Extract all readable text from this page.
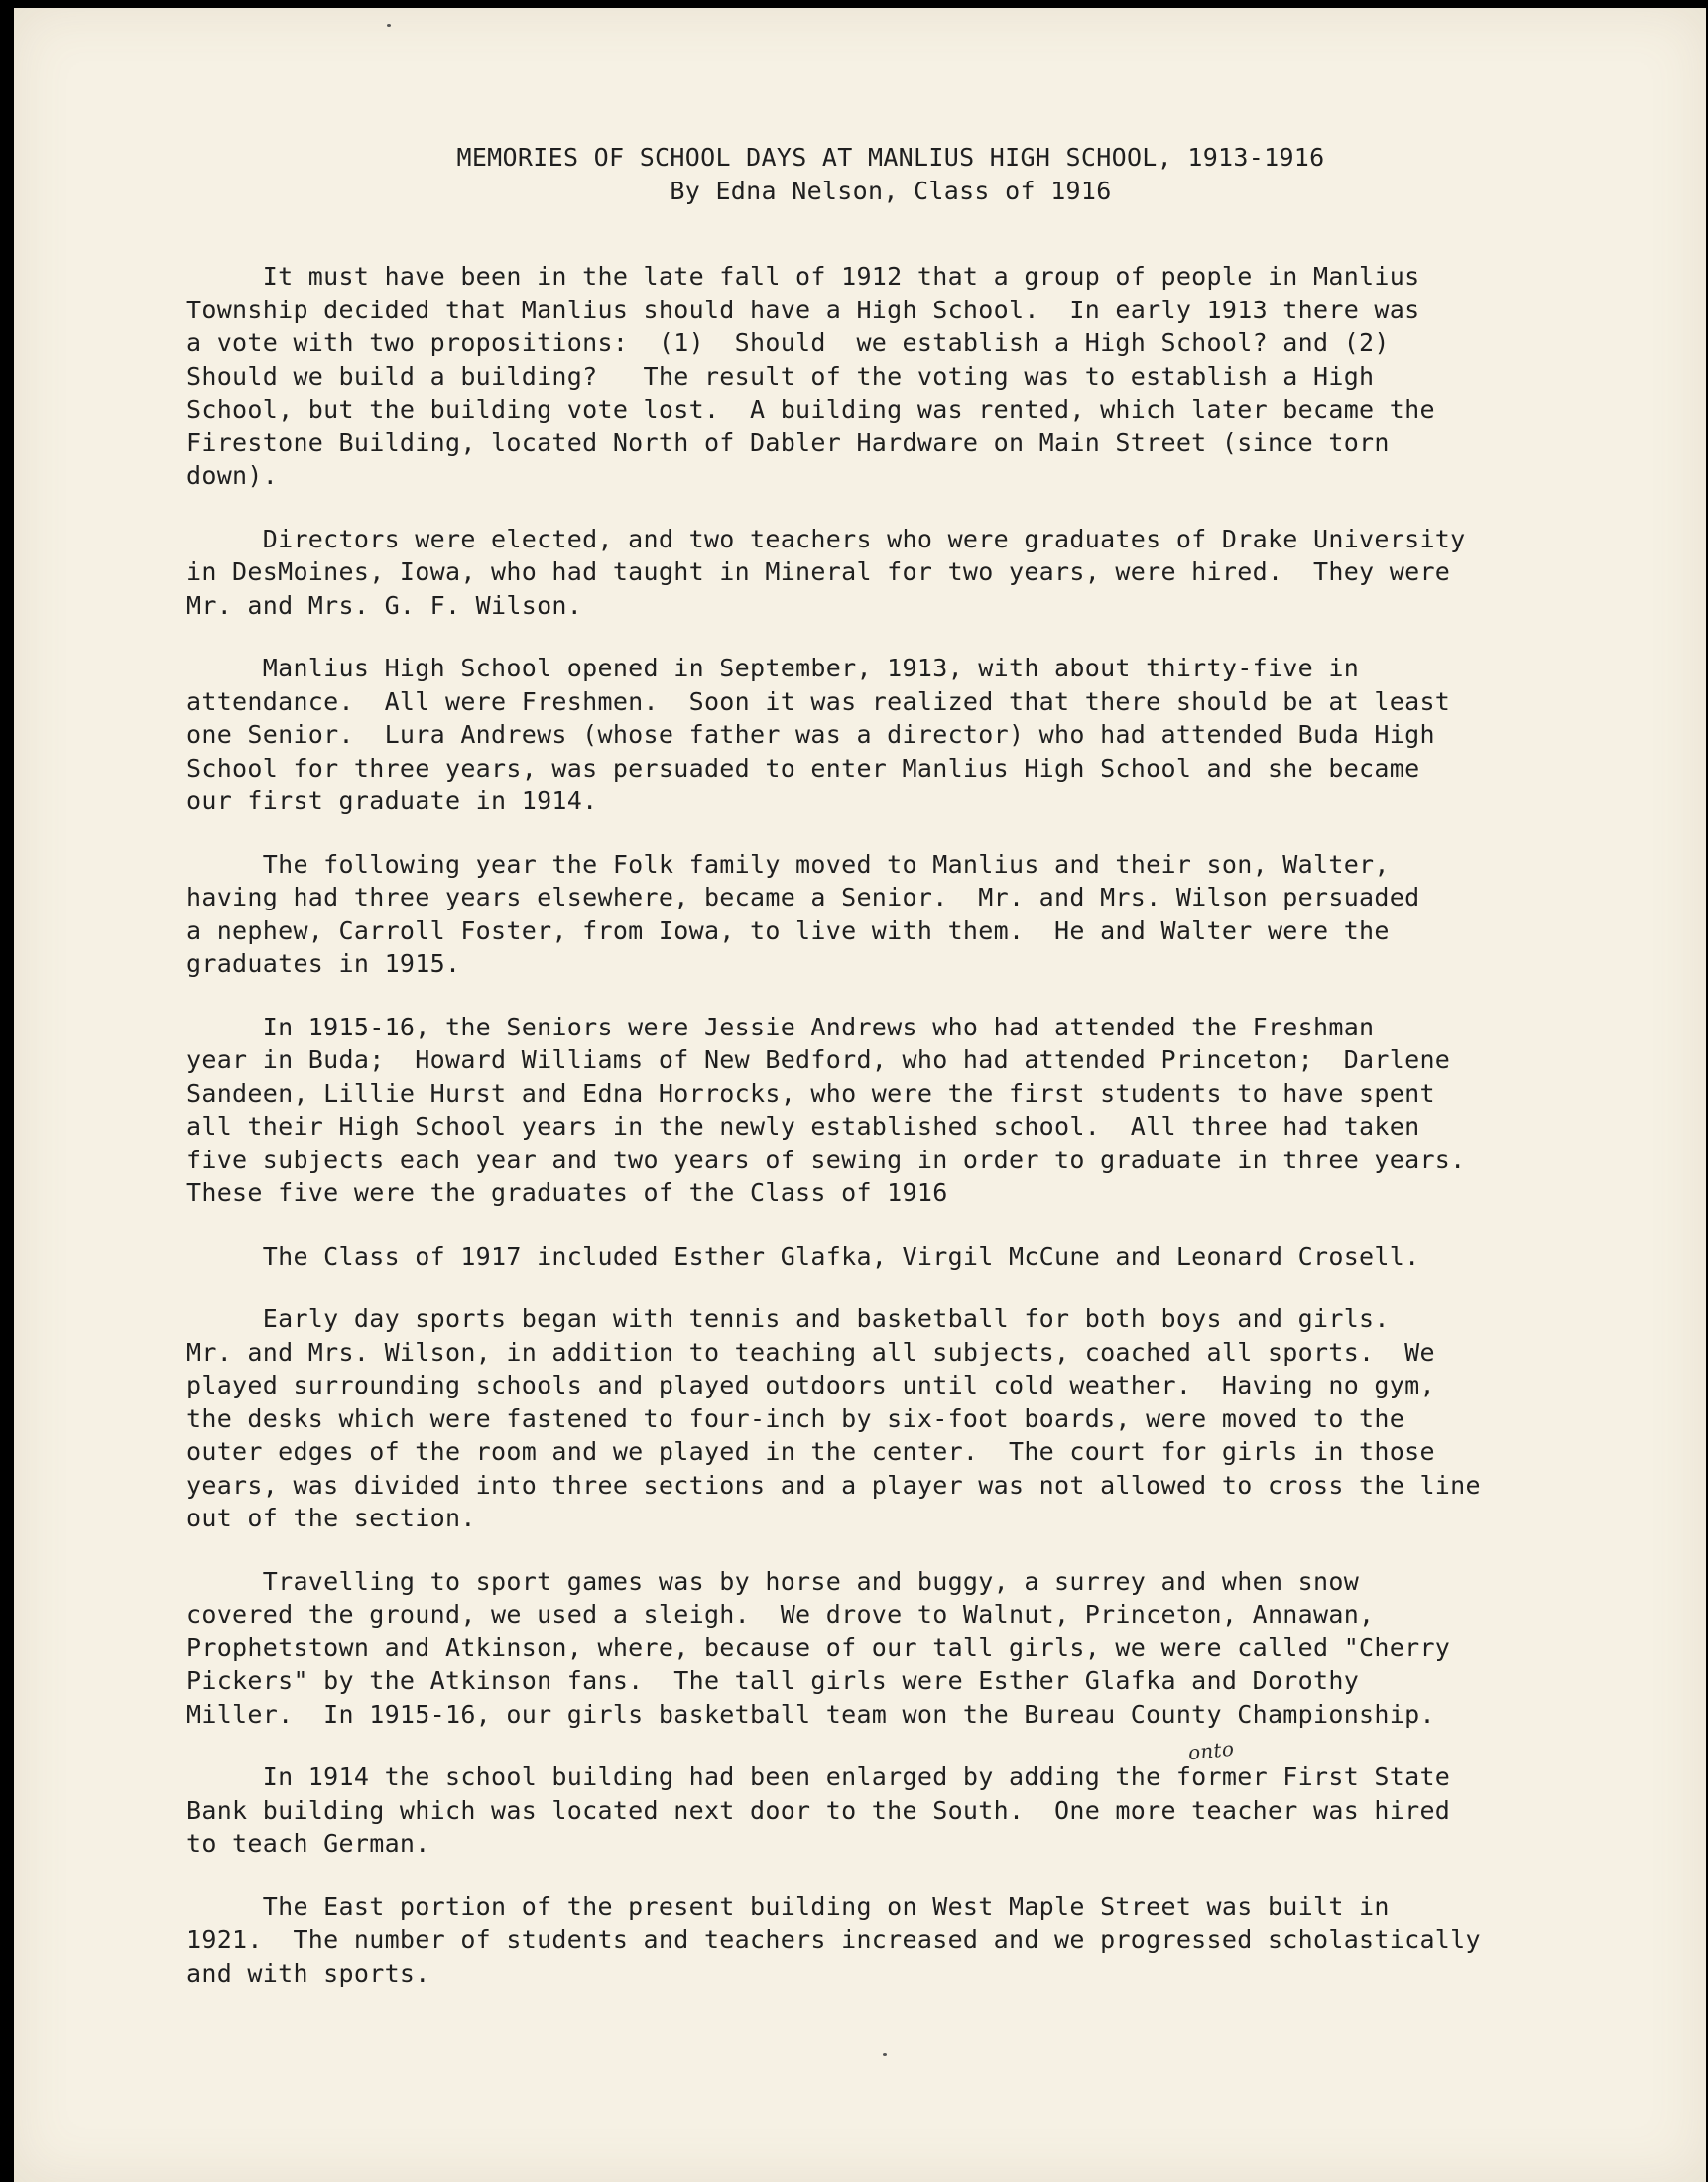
MEMORIES OF SCHOOL DAYS AT MANLIUS HIGH SCHOOL, 1913-1916
By Edna Nelson, Class of 1916
It must have been in the late fall of 1912 that a group of people in Manlius
Township decided that Manlius should have a High School.  In early 1913 there was
a vote with two propositions:  (1)  Should  we establish a High School? and (2)
Should we build a building?   The result of the voting was to establish a High
School, but the building vote lost.  A building was rented, which later became the
Firestone Building, located North of Dabler Hardware on Main Street (since torn
down).
Directors were elected, and two teachers who were graduates of Drake University
in DesMoines, Iowa, who had taught in Mineral for two years, were hired.  They were
Mr. and Mrs. G. F. Wilson.
Manlius High School opened in September, 1913, with about thirty-five in
attendance.  All were Freshmen.  Soon it was realized that there should be at least
one Senior.  Lura Andrews (whose father was a director) who had attended Buda High
School for three years, was persuaded to enter Manlius High School and she became
our first graduate in 1914.
The following year the Folk family moved to Manlius and their son, Walter,
having had three years elsewhere, became a Senior.  Mr. and Mrs. Wilson persuaded
a nephew, Carroll Foster, from Iowa, to live with them.  He and Walter were the
graduates in 1915.
In 1915-16, the Seniors were Jessie Andrews who had attended the Freshman
year in Buda;  Howard Williams of New Bedford, who had attended Princeton;  Darlene
Sandeen, Lillie Hurst and Edna Horrocks, who were the first students to have spent
all their High School years in the newly established school.  All three had taken
five subjects each year and two years of sewing in order to graduate in three years.
These five were the graduates of the Class of 1916
The Class of 1917 included Esther Glafka, Virgil McCune and Leonard Crosell.
Early day sports began with tennis and basketball for both boys and girls.
Mr. and Mrs. Wilson, in addition to teaching all subjects, coached all sports.  We
played surrounding schools and played outdoors until cold weather.  Having no gym,
the desks which were fastened to four-inch by six-foot boards, were moved to the
outer edges of the room and we played in the center.  The court for girls in those
years, was divided into three sections and a player was not allowed to cross the line
out of the section.
Travelling to sport games was by horse and buggy, a surrey and when snow
covered the ground, we used a sleigh.  We drove to Walnut, Princeton, Annawan,
Prophetstown and Atkinson, where, because of our tall girls, we were called "Cherry
Pickers" by the Atkinson fans.  The tall girls were Esther Glafka and Dorothy
Miller.  In 1915-16, our girls basketball team won the Bureau County Championship.
onto
In 1914 the school building had been enlarged by adding the former First State
Bank building which was located next door to the South.  One more teacher was hired
to teach German.
The East portion of the present building on West Maple Street was built in
1921.  The number of students and teachers increased and we progressed scholastically
and with sports.
